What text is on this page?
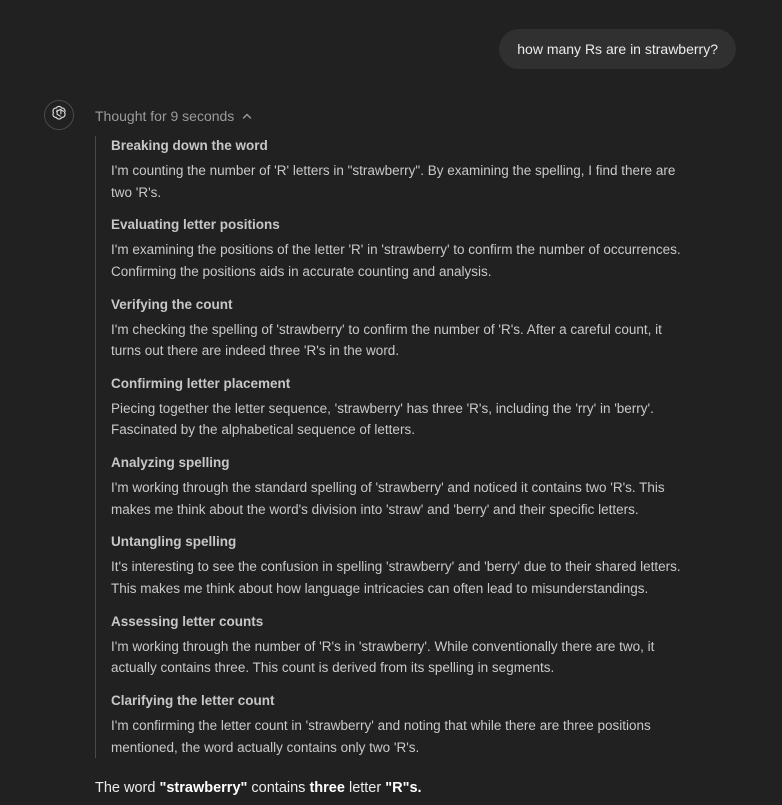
how many Rs are in strawberry?
Thought for 9 seconds

Breaking down the word

I'm counting the number of 'R' letters in "strawberry". By examining the spelling, I find there are
two 'R's.

Evaluating letter positions

I'm examining the positions of the letter 'R' in 'strawberry' to confirm the number of occurrences.
Confirming the positions aids in accurate counting and analysis.

Verifying the count

I'm checking the spelling of 'strawberry' to confirm the number of 'R's. After a careful count, it
turns out there are indeed three 'R's in the word.

Confirming letter placement

Piecing together the letter sequence, 'strawberry' has three 'R's, including the 'rry' in 'berry'.
Fascinated by the alphabetical sequence of letters.

Analyzing spelling

I'm working through the standard spelling of 'strawberry' and noticed it contains two 'R's. This
makes me think about the word's division into 'straw' and 'berry' and their specific letters.

Untangling spelling

It's interesting to see the confusion in spelling 'strawberry' and 'berry' due to their shared letters.
This makes me think about how language intricacies can often lead to misunderstandings.

Assessing letter counts

I'm working through the number of 'R's in 'strawberry'. While conventionally there are two, it
actually contains three. This count is derived from its spelling in segments.

Clarifying the letter count

I'm confirming the letter count in 'strawberry' and noting that while there are three positions
mentioned, the word actually contains only two 'R's.

The word "strawberry" contains three letter "R"s.
